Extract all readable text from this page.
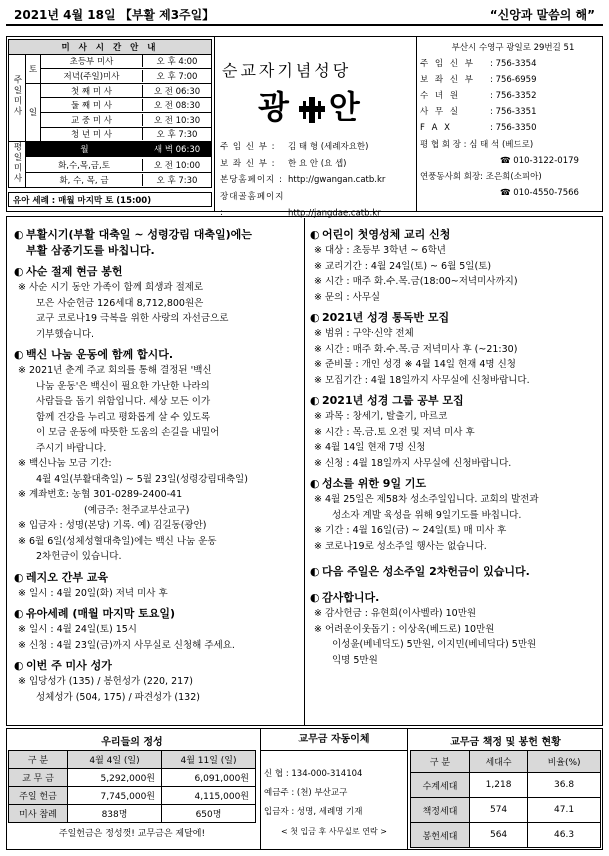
2021년 4월 18일 【부활 제3주일】	“신앙과 말씀의 해”
미 사 시 간 안 내		
주일미사	토	초등부 미사 오 후 4:00

		저녁(주일)미사 오 후 7:00

	일	첫 째 미 사 오 전 06:30

		둘 째 미 사 오 전 08:30

		교 중 미 사 오 전 10:30

		청 년 미 사 오 후 7:30

평일미사	월 새 벽 06:30	

	화,수,목,금,토 오 전 10:00	

	화, 수, 목, 금 오 후 7:30	
유아 세례 : 매월 마지막 토 (15:00)
순교자기념성당
광 안
주 임 신 부 : 김 태 형 (세례자요한)
보 좌 신 부 : 한 요 안 (요 셉)
본당홈페이지 : http://gwangan.catb.kr
장대골홈페이지 :	http://jangdae.catb.kr
부산시 수영구 광일로 29번길 51
주 임 신 부	: 756-3354
보 좌 신 부	: 756-6959
수 녀 원	: 756-3352
사 무 실	: 756-3351
F A X	: 756-3350
평 협 회 장 : 심 태 석 (베드로)
☎ 010-3122-0179
연풍동사회 회장: 조은희(소피아)
☎ 010-4550-7566
◐ 부활시기(부활 대축일 ~ 성령강림 대축일)에는
부활 삼종기도를 바칩니다.
◐ 사순 절제 현금 봉헌
※ 사순 시기 동안 가족이 함께 희생과 절제로
모은 사순헌금 126세대 8,712,800원은
교구 코로나19 극복을 위한 사랑의 자선금으로
기부했습니다.
◐ 백신 나눔 운동에 함께 합시다.
※ 2021년 춘계 주교 회의를 통해 결정된 '백신
나눔 운동'은 백신이 필요한 가난한 나라의
사람들을 돕기 위함입니다. 세상 모든 이가
함께 건강을 누리고 평화롭게 살 수 있도록
이 모금 운동에 따뜻한 도움의 손길을 내밀어
주시기 바랍니다.
※ 백신나눔 모금 기간:
4월 4일(부활대축일) ~ 5월 23일(성령강림대축일)
※ 계좌번호: 농협 301-0289-2400-41
(예금주: 천주교부산교구)
※ 입금자 : 성명(본당) 기록. 예) 김길동(광안)
※ 6월 6일(성체성혈대축일)에는 백신 나눔 운동
2차헌금이 있습니다.
◐ 레지오 간부 교육
※ 일시 : 4월 20일(화) 저녁 미사 후
◐ 유아세례 (매월 마지막 토요일)
※ 일시 : 4월 24일(토) 15시
※ 신청 : 4월 23일(금)까지 사무실로 신청해 주세요.
◐ 이번 주 미사 성가
※ 입당성가 (135) / 봉헌성가 (220, 217)
성체성가 (504, 175) / 파견성가 (132)
◐ 어린이 첫영성체 교리 신청
※ 대상 : 초등부 3학년 ~ 6학년
※ 교리기간 : 4월 24일(토) ~ 6월 5일(토)
※ 시간 : 매주 화.수.목.금(18:00~저녁미사까지)
※ 문의 : 사무실
◐ 2021년 성경 통독반 모집
※ 범위 : 구약·신약 전체
※ 시간 : 매주 화.수.목.금 저녁미사 후 (~21:30)
※ 준비물 : 개인 성경 ※ 4월 14일 현재 4명 신청
※ 모집기간 : 4월 18일까지 사무실에 신청바랍니다.
◐ 2021년 성경 그룹 공부 모집
※ 과목 : 창세기, 탈출기, 마르코
※ 시간 : 목.금.토 오전 및 저녁 미사 후
※ 4월 14일 현재 7명 신청
※ 신청 : 4월 18일까지 사무실에 신청바랍니다.
◐ 성소를 위한 9일 기도
※ 4월 25일은 제58차 성소주일입니다. 교회의 발전과
성소자 계발 육성을 위해 9일기도를 바칩니다.
※ 기간 : 4월 16일(금) ~ 24일(토) 매 미사 후
※ 코로나19로 성소주일 행사는 없습니다.
◐ 다음 주일은 성소주일 2차헌금이 있습니다.
◐ 감사합니다.
※ 감사헌금 : 유현희(이사벨라) 10만원
※ 어려운이웃돕기 : 이상옥(베드로) 10만원
이성윤(베네딕도) 5만원, 이지민(베네딕다) 5만원
익명 5만원
우리들의 정성		
구 분	4월 4일 (일)	4월 11일 (일)
교 무 금	5,292,000원	6,091,000원
주일 헌금	7,745,000원	4,115,000원
미사 참례	838명	650명
주일헌금은 정성껏! 교무금은 제달에!		
교무금 자동이체
신 협 : 134-000-314104
예금주 : (천) 부산교구
입금자 : 성명, 세례명 기재
< 첫 입금 후 사무실로 연락 >
교무금 책정 및 봉헌 현황		
구 분	세대수	비율(%)
수계세대	1,218	36.8
책정세대	574	47.1
봉헌세대	564	46.3
